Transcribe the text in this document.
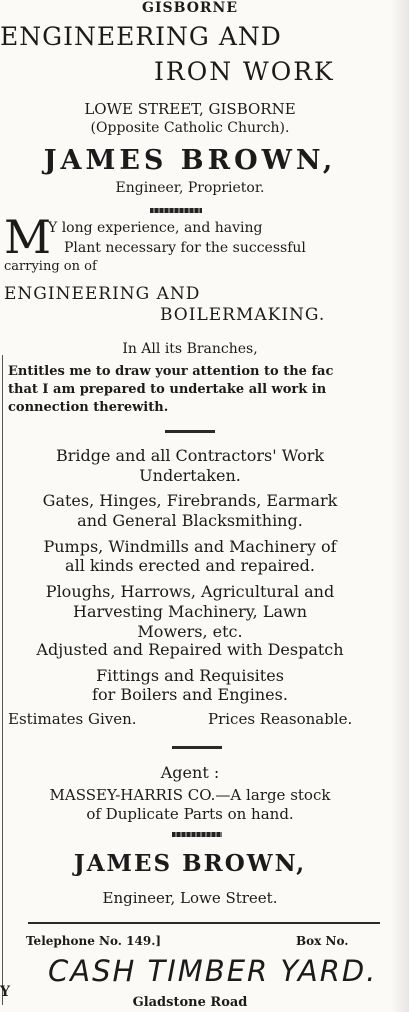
GISBORNE
ENGINEERING AND
IRON WORK
LOWE STREET, GISBORNE
(Opposite Catholic Church).
JAMES BROWN,
Engineer, Proprietor.
M
Y long experience, and having
Plant necessary for the successful
carrying on of
ENGINEERING AND
BOILERMAKING.
In All its Branches,
Entitles me to draw your attention to the fac
that I am prepared to undertake all work in
connection therewith.
Bridge and all Contractors' Work
Undertaken.
Gates, Hinges, Firebrands, Earmark
and General Blacksmithing.
Pumps, Windmills and Machinery of
all kinds erected and repaired.
Ploughs, Harrows, Agricultural and
Harvesting Machinery, Lawn
Mowers, etc.
Adjusted and Repaired with Despatch
Fittings and Requisites
for Boilers and Engines.
Estimates Given.	Prices Reasonable.
Agent :
MASSEY-HARRIS CO.—A large stock
of Duplicate Parts on hand.
JAMES BROWN,
Engineer, Lowe Street.
Telephone No. 149.]	Box No.
CASH TIMBER YARD.
Gladstone Road
Y
